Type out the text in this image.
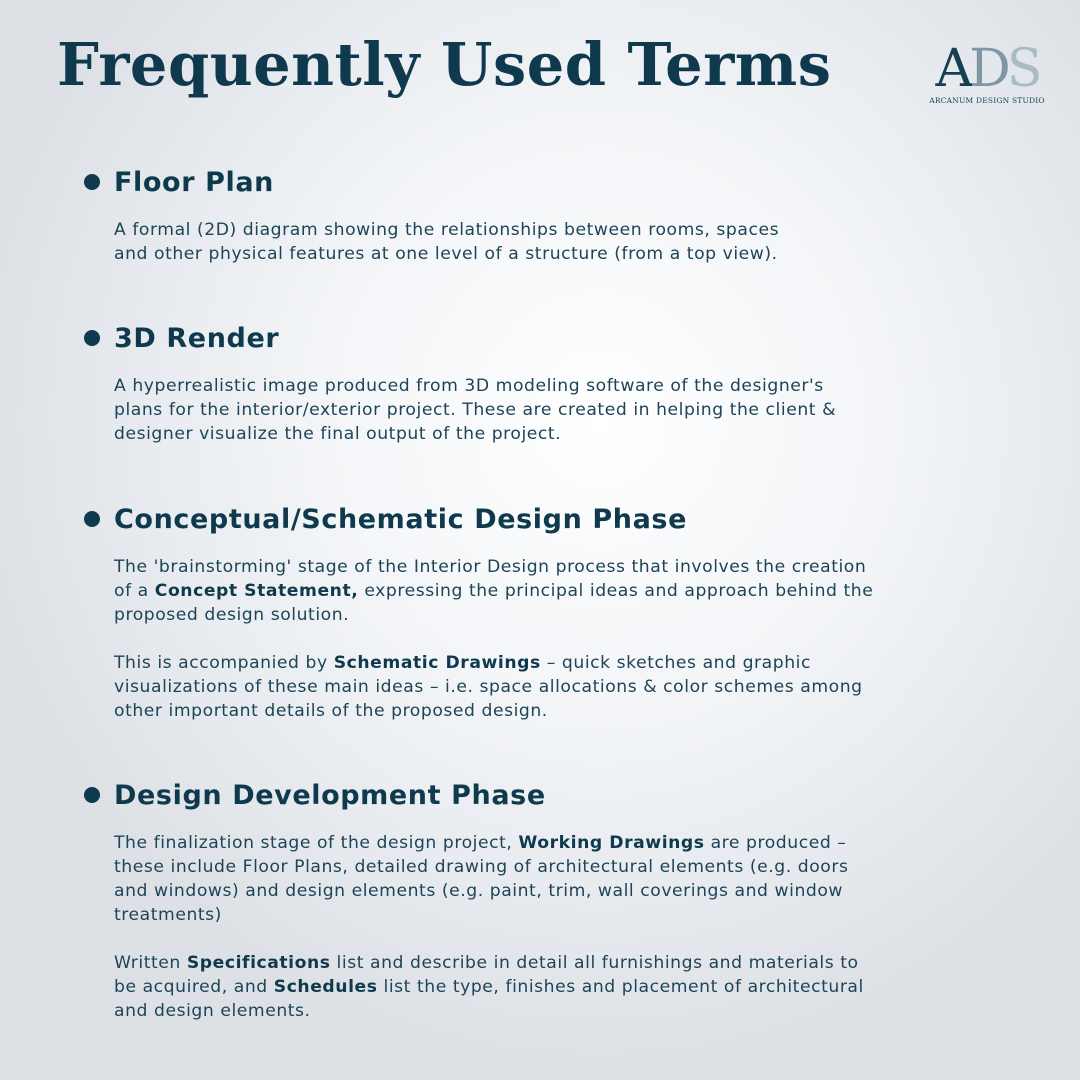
Frequently Used Terms ADS
ARCANUM DESIGN STUDIO
Floor Plan

A formal (2D) diagram showing the relationships between rooms, spaces
and other physical features at one level of a structure (from a top view).

3D Render

A hyperrealistic image produced from 3D modeling software of the designer's
plans for the interior/exterior project. These are created in helping the client &
designer visualize the final output of the project.

Conceptual/Schematic Design Phase

The 'brainstorming' stage of the Interior Design process that involves the creation
of a Concept Statement, expressing the principal ideas and approach behind the
proposed design solution.

This is accompanied by Schematic Drawings – quick sketches and graphic
visualizations of these main ideas – i.e. space allocations & color schemes among
other important details of the proposed design.

Design Development Phase

The finalization stage of the design project, Working Drawings are produced –
these include Floor Plans, detailed drawing of architectural elements (e.g. doors
and windows) and design elements (e.g. paint, trim, wall coverings and window
treatments)

Written Specifications list and describe in detail all furnishings and materials to
be acquired, and Schedules list the type, finishes and placement of architectural
and design elements.
